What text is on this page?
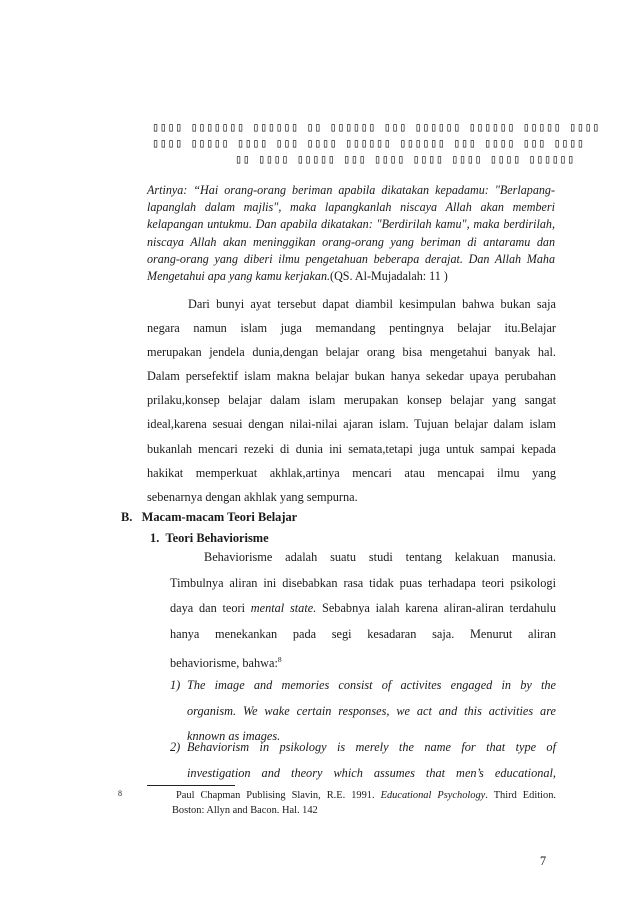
▯▯▯▯ ▯▯▯▯▯▯▯ ▯▯▯▯▯▯ ▯▯ ▯▯▯▯▯▯ ▯▯▯ ▯▯▯▯▯▯ ▯▯▯▯▯▯ ▯▯▯▯▯ ▯▯▯▯
▯▯▯▯ ▯▯▯▯▯ ▯▯▯▯ ▯▯▯ ▯▯▯▯ ▯▯▯▯▯▯ ▯▯▯▯▯▯ ▯▯▯ ▯▯▯▯ ▯▯▯ ▯▯▯▯
▯▯ ▯▯▯▯ ▯▯▯▯▯ ▯▯▯ ▯▯▯▯ ▯▯▯▯ ▯▯▯▯ ▯▯▯▯ ▯▯▯▯▯▯
Artinya: “Hai orang-orang beriman apabila dikatakan kepadamu: "Berlapang-lapanglah dalam majlis", maka lapangkanlah niscaya Allah akan memberi kelapangan untukmu. Dan apabila dikatakan: "Berdirilah kamu", maka berdirilah, niscaya Allah akan meninggikan orang-orang yang beriman di antaramu dan orang-orang yang diberi ilmu pengetahuan beberapa derajat. Dan Allah Maha Mengetahui apa yang kamu kerjakan.(QS. Al-Mujadalah: 11 )
Dari bunyi ayat tersebut dapat diambil kesimpulan bahwa bukan saja
negara namun islam juga memandang pentingnya belajar itu.Belajar
merupakan jendela dunia,dengan belajar orang bisa mengetahui banyak hal.
Dalam persefektif islam makna belajar bukan hanya sekedar upaya perubahan
prilaku,konsep belajar dalam islam merupakan konsep belajar yang sangat
ideal,karena sesuai dengan nilai-nilai ajaran islam. Tujuan belajar dalam islam
bukanlah mencari rezeki di dunia ini semata,tetapi juga untuk sampai kepada
hakikat memperkuat akhlak,artinya mencari atau mencapai ilmu yang
sebenarnya dengan akhlak yang sempurna.
B.   Macam-macam Teori Belajar
1.  Teori Behaviorisme
Behaviorisme adalah suatu studi tentang kelakuan manusia.
Timbulnya aliran ini disebabkan rasa tidak puas terhadapa teori psikologi
daya dan teori mental state. Sebabnya ialah karena aliran-aliran terdahulu
hanya menekankan pada segi kesadaran saja. Menurut aliran
behaviorisme, bahwa:$^8$
1) The image and memories consist of activites engaged in by the
organism. We wake certain responses, we act and this activities are
knnown as images.
2) Behaviorism in psikology is merely the name for that type of
investigation and theory which assumes that men’s educational,
8	Paul Chapman Publising Slavin, R.E. 1991. Educational Psychology. Third Edition.
Boston: Allyn and Bacon. Hal. 142
7
